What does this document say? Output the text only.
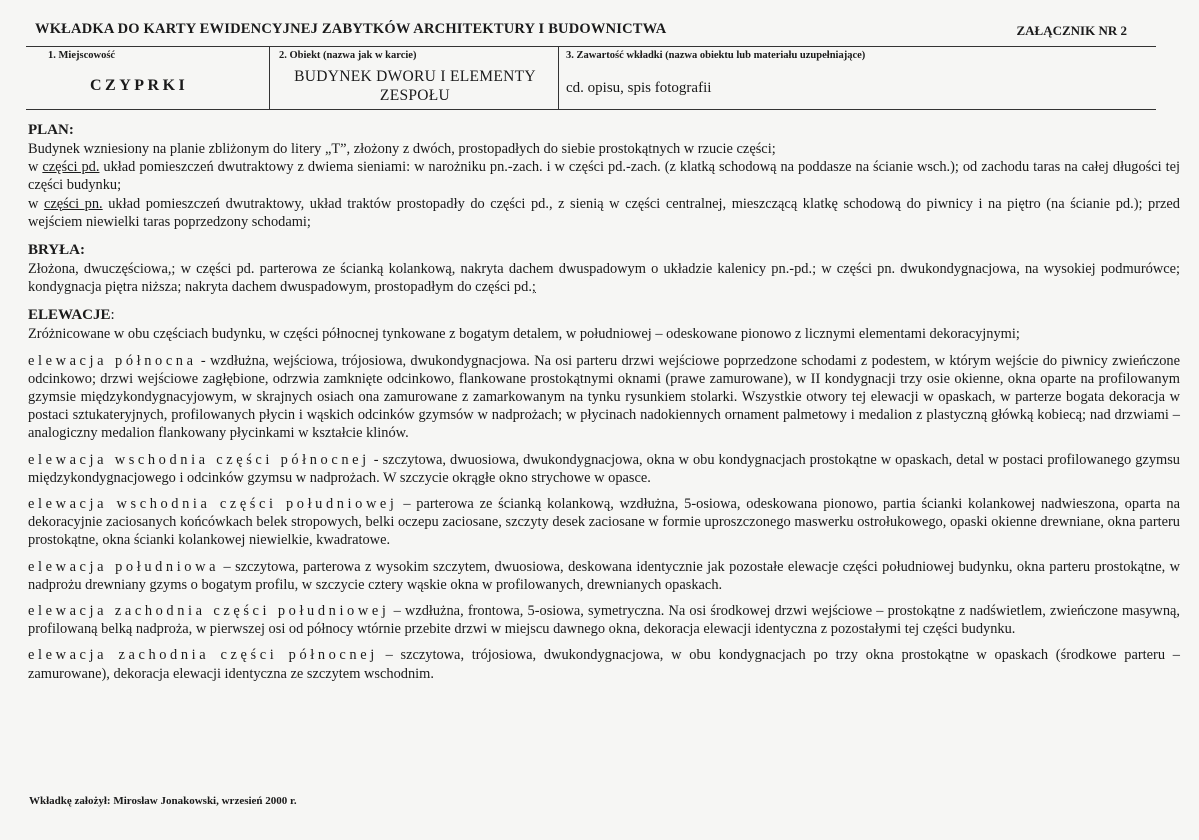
WKŁADKA DO KARTY EWIDENCYJNEJ ZABYTKÓW ARCHITEKTURY I BUDOWNICTWA	ZAŁĄCZNIK NR 2
1. Miejscowość
CZYPRKI
2. Obiekt (nazwa jak w karcie)
BUDYNEK DWORU I ELEMENTY ZESPOŁU
3. Zawartość wkładki (nazwa obiektu lub materiału uzupełniające)
cd. opisu, spis fotografii
PLAN:

Budynek wzniesiony na planie zbliżonym do litery „T”, złożony z dwóch, prostopadłych do siebie prostokątnych w rzucie części;

w części pd. układ pomieszczeń dwutraktowy z dwiema sieniami: w narożniku pn.-zach. i w części pd.-zach. (z klatką schodową na poddasze na ścianie wsch.); od zachodu taras na całej długości tej części budynku;

w części pn. układ pomieszczeń dwutraktowy, układ traktów prostopadły do części pd., z sienią w części centralnej, mieszczącą klatkę schodową do piwnicy i na piętro (na ścianie pd.); przed wejściem niewielki taras poprzedzony schodami;

BRYŁA:

Złożona, dwuczęściowa,; w części pd. parterowa ze ścianką kolankową, nakryta dachem dwuspadowym o układzie kalenicy pn.-pd.; w części pn. dwukondygnacjowa, na wysokiej podmurówce; kondygnacja piętra niższa; nakryta dachem dwuspadowym, prostopadłym do części pd.;

ELEWACJE:

Zróżnicowane w obu częściach budynku, w części północnej tynkowane z bogatym detalem, w południowej – odeskowane pionowo z licznymi elementami dekoracyjnymi;

elewacja północna - wzdłużna, wejściowa, trójosiowa, dwukondygnacjowa. Na osi parteru drzwi wejściowe poprzedzone schodami z podestem, w którym wejście do piwnicy zwieńczone odcinkowo; drzwi wejściowe zagłębione, odrzwia zamknięte odcinkowo, flankowane prostokątnymi oknami (prawe zamurowane), w II kondygnacji trzy osie okienne, okna oparte na profilowanym gzymsie międzykondygnacyjowym, w skrajnych osiach ona zamurowane z zamarkowanym na tynku rysunkiem stolarki. Wszystkie otwory tej elewacji w opaskach, w parterze bogata dekoracja w postaci sztukateryjnych, profilowanych płycin i wąskich odcinków gzymsów w nadprożach; w płycinach nadokiennych ornament palmetowy i medalion z plastyczną główką kobiecą; nad drzwiami – analogiczny medalion flankowany płycinkami w kształcie klinów.

elewacja wschodnia części północnej - szczytowa, dwuosiowa, dwukondygnacjowa, okna w obu kondygnacjach prostokątne w opaskach, detal w postaci profilowanego gzymsu międzykondygnacjowego i odcinków gzymsu w nadprożach. W szczycie okrągłe okno strychowe w opasce.

elewacja wschodnia części południowej – parterowa ze ścianką kolankową, wzdłużna, 5-osiowa, odeskowana pionowo, partia ścianki kolankowej nadwieszona, oparta na dekoracyjnie zaciosanych końcówkach belek stropowych, belki oczepu zaciosane, szczyty desek zaciosane w formie uproszczonego maswerku ostrołukowego, opaski okienne drewniane, okna parteru prostokątne, okna ścianki kolankowej niewielkie, kwadratowe.

elewacja południowa – szczytowa, parterowa z wysokim szczytem, dwuosiowa, deskowana identycznie jak pozostałe elewacje części południowej budynku, okna parteru prostokątne, w nadprożu drewniany gzyms o bogatym profilu, w szczycie cztery wąskie okna w profilowanych, drewnianych opaskach.

elewacja zachodnia części południowej – wzdłużna, frontowa, 5-osiowa, symetryczna. Na osi środkowej drzwi wejściowe – prostokątne z nadświetlem, zwieńczone masywną, profilowaną belką nadproża, w pierwszej osi od północy wtórnie przebite drzwi w miejscu dawnego okna, dekoracja elewacji identyczna z pozostałymi tej części budynku.

elewacja zachodnia części północnej – szczytowa, trójosiowa, dwukondygnacjowa, w obu kondygnacjach po trzy okna prostokątne w opaskach (środkowe parteru – zamurowane), dekoracja elewacji identyczna ze szczytem wschodnim.

Wkładkę założył: Mirosław Jonakowski, wrzesień 2000 r.
